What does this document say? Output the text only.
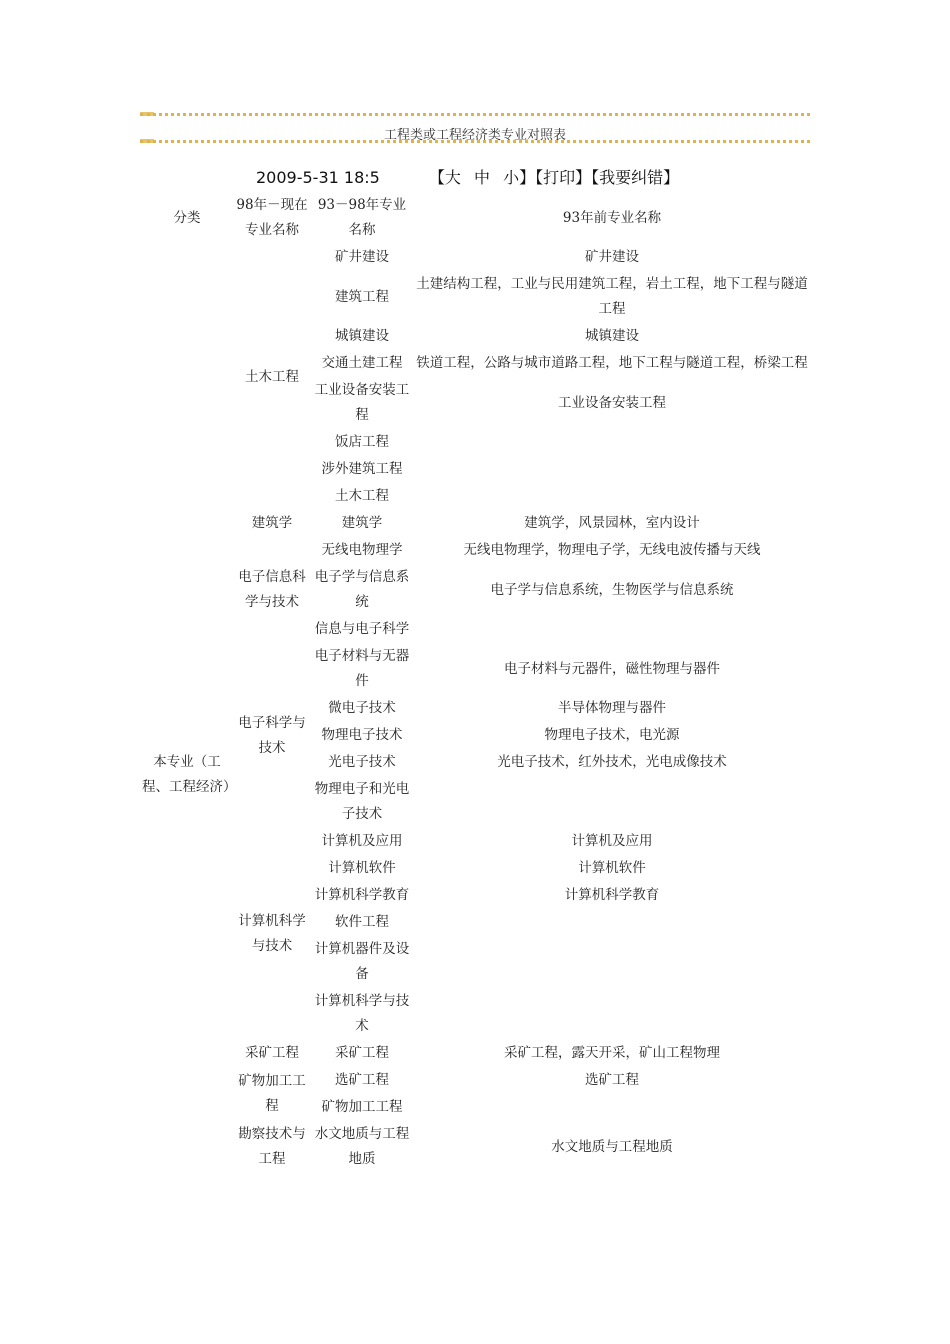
工程类或工程经济类专业对照表
2009-5-31 18:5	【大 中 小】【打印】【我要纠错】
分类	98年－现在专业名称	93－98年专业名称	93年前专业名称
	土木工程	矿井建设	矿井建设
		建筑工程	土建结构工程，工业与民用建筑工程，岩土工程，地下工程与隧道工程
		城镇建设	城镇建设
		交通土建工程	铁道工程，公路与城市道路工程，地下工程与隧道工程，桥梁工程
		工业设备安装工程	工业设备安装工程
		饭店工程	
		涉外建筑工程	
		土木工程	
本专业（工程、工程经济）	建筑学	建筑学	建筑学，风景园林，室内设计
	电子信息科学与技术	无线电物理学	无线电物理学，物理电子学，无线电波传播与天线
		电子学与信息系统	电子学与信息系统，生物医学与信息系统
		信息与电子科学	
	电子科学与技术	电子材料与无器件	电子材料与元器件，磁性物理与器件
		微电子技术	半导体物理与器件
		物理电子技术	物理电子技术，电光源
		光电子技术	光电子技术，红外技术，光电成像技术
		物理电子和光电子技术	
	计算机科学与技术	计算机及应用	计算机及应用
		计算机软件	计算机软件
		计算机科学教育	计算机科学教育
		软件工程	
		计算机器件及设备	
		计算机科学与技术	
	采矿工程	采矿工程	采矿工程，露天开采，矿山工程物理
	矿物加工工程	选矿工程	选矿工程
		矿物加工工程	
	勘察技术与工程	水文地质与工程地质	水文地质与工程地质
